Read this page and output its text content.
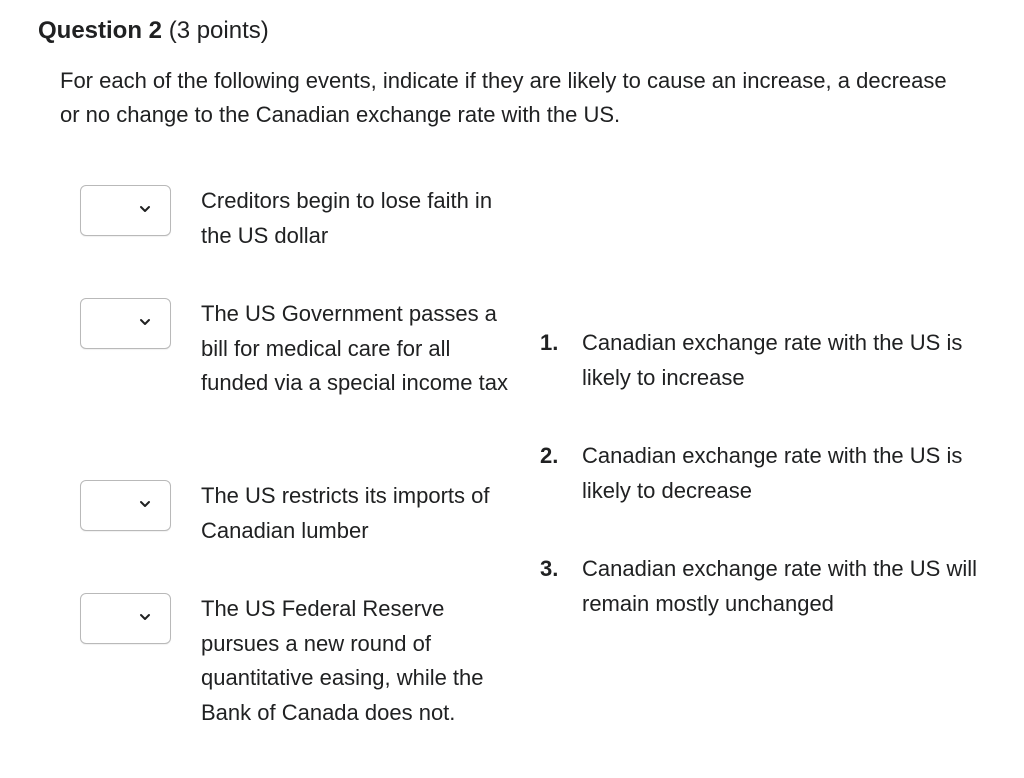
Question 2 (3 points)
For each of the following events, indicate if they are likely to cause an increase, a decrease or no change to the Canadian exchange rate with the US.
Creditors begin to lose faith in the US dollar
The US Government passes a bill for medical care for all funded via a special income tax
The US restricts its imports of Canadian lumber
The US Federal Reserve pursues a new round of quantitative easing, while the Bank of Canada does not.
1. Canadian exchange rate with the US is likely to increase
2. Canadian exchange rate with the US is likely to decrease
3. Canadian exchange rate with the US will remain mostly unchanged
